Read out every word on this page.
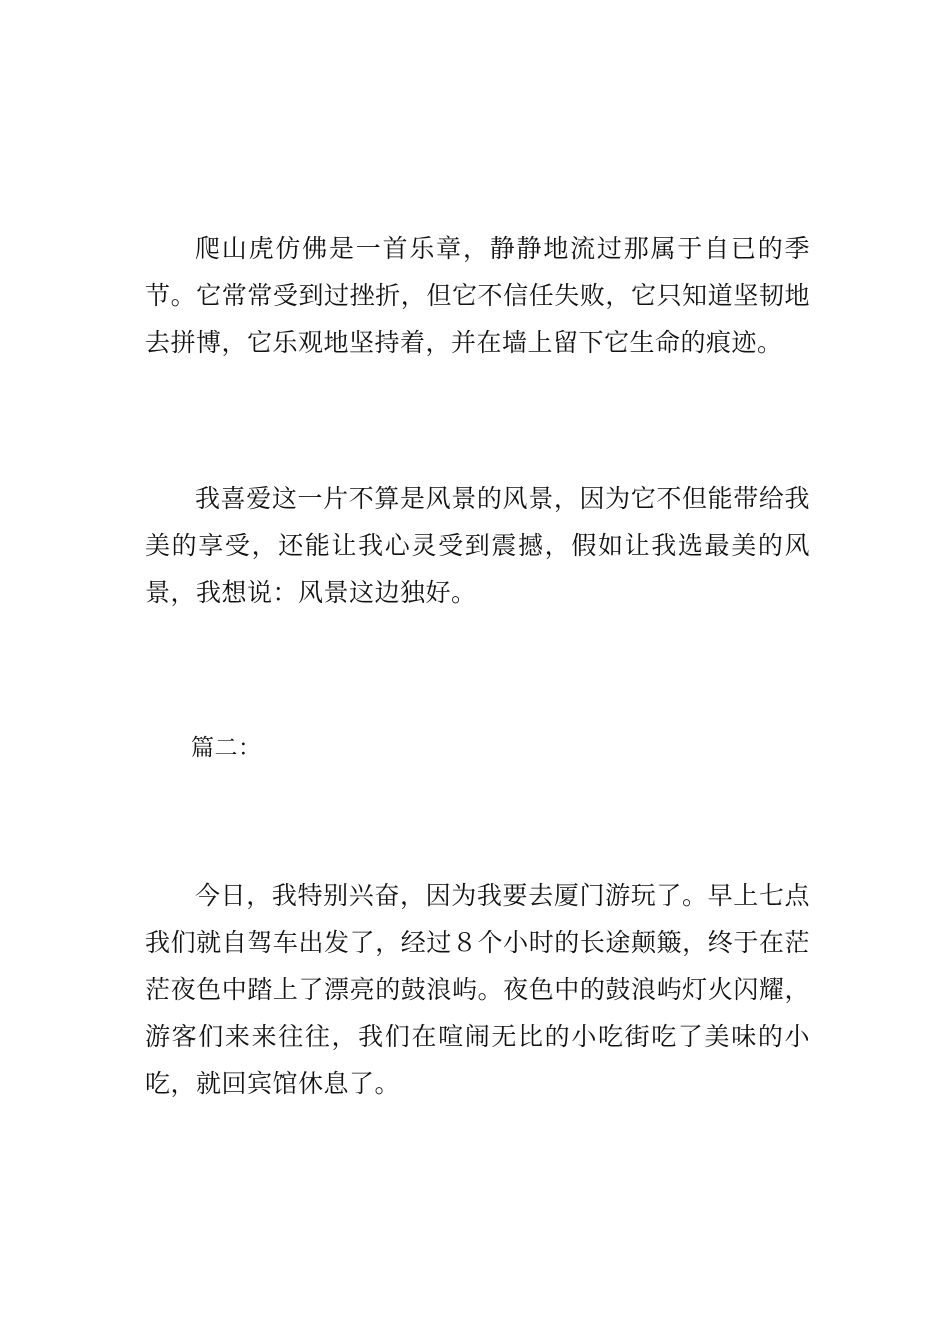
爬山虎仿佛是一首乐章，静静地流过那属于自已的季节。它常常受到过挫折，但它不信任失败，它只知道坚韧地去拼博，它乐观地坚持着，并在墙上留下它生命的痕迹。

我喜爱这一片不算是风景的风景，因为它不但能带给我美的享受，还能让我心灵受到震撼，假如让我选最美的风景，我想说：风景这边独好。

篇二：

今日，我特别兴奋，因为我要去厦门游玩了。早上七点我们就自驾车出发了，经过８个小时的长途颠簸，终于在茫茫夜色中踏上了漂亮的鼓浪屿。夜色中的鼓浪屿灯火闪耀，游客们来来往往，我们在喧闹无比的小吃街吃了美味的小吃，就回宾馆休息了。
